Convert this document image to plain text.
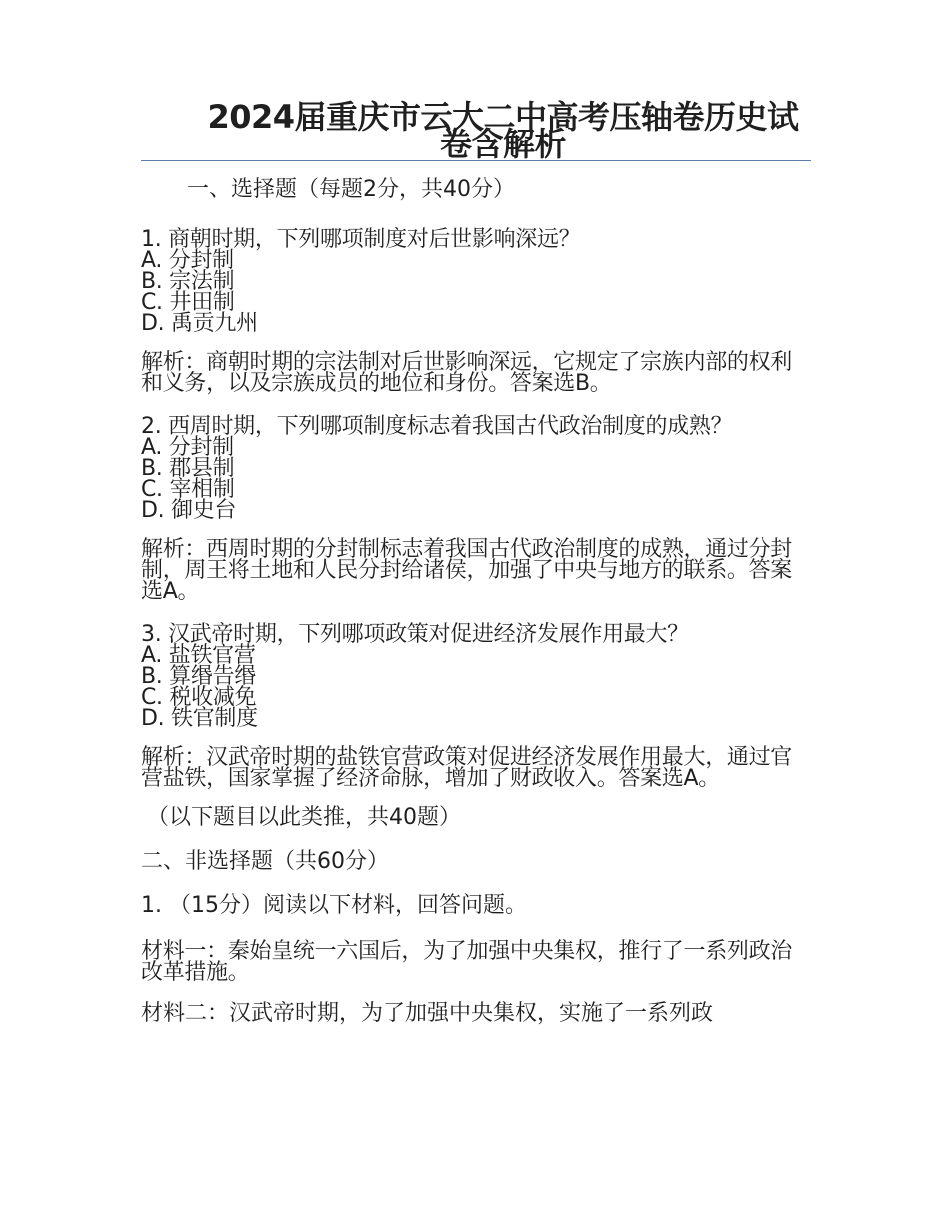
2024届重庆市云大二中高考压轴卷历史试卷含解析

一、选择题（每题2分，共40分）

1. 商朝时期，下列哪项制度对后世影响深远？

A. 分封制
B. 宗法制
C. 井田制
D. 禹贡九州

解析：商朝时期的宗法制对后世影响深远，它规定了宗族内部的权利和义务，以及宗族成员的地位和身份。答案选B。

2. 西周时期，下列哪项制度标志着我国古代政治制度的成熟？

A. 分封制
B. 郡县制
C. 宰相制
D. 御史台

解析：西周时期的分封制标志着我国古代政治制度的成熟，通过分封制，周王将土地和人民分封给诸侯，加强了中央与地方的联系。答案选A。

3. 汉武帝时期，下列哪项政策对促进经济发展作用最大？

A. 盐铁官营
B. 算缗告缗
C. 税收减免
D. 铁官制度

解析：汉武帝时期的盐铁官营政策对促进经济发展作用最大，通过官营盐铁，国家掌握了经济命脉，增加了财政收入。答案选A。

（以下题目以此类推，共40题）

二、非选择题（共60分）

1. （15分）阅读以下材料，回答问题。

材料一：秦始皇统一六国后，为了加强中央集权，推行了一系列政治改革措施。

材料二：汉武帝时期，为了加强中央集权，实施了一系列政
